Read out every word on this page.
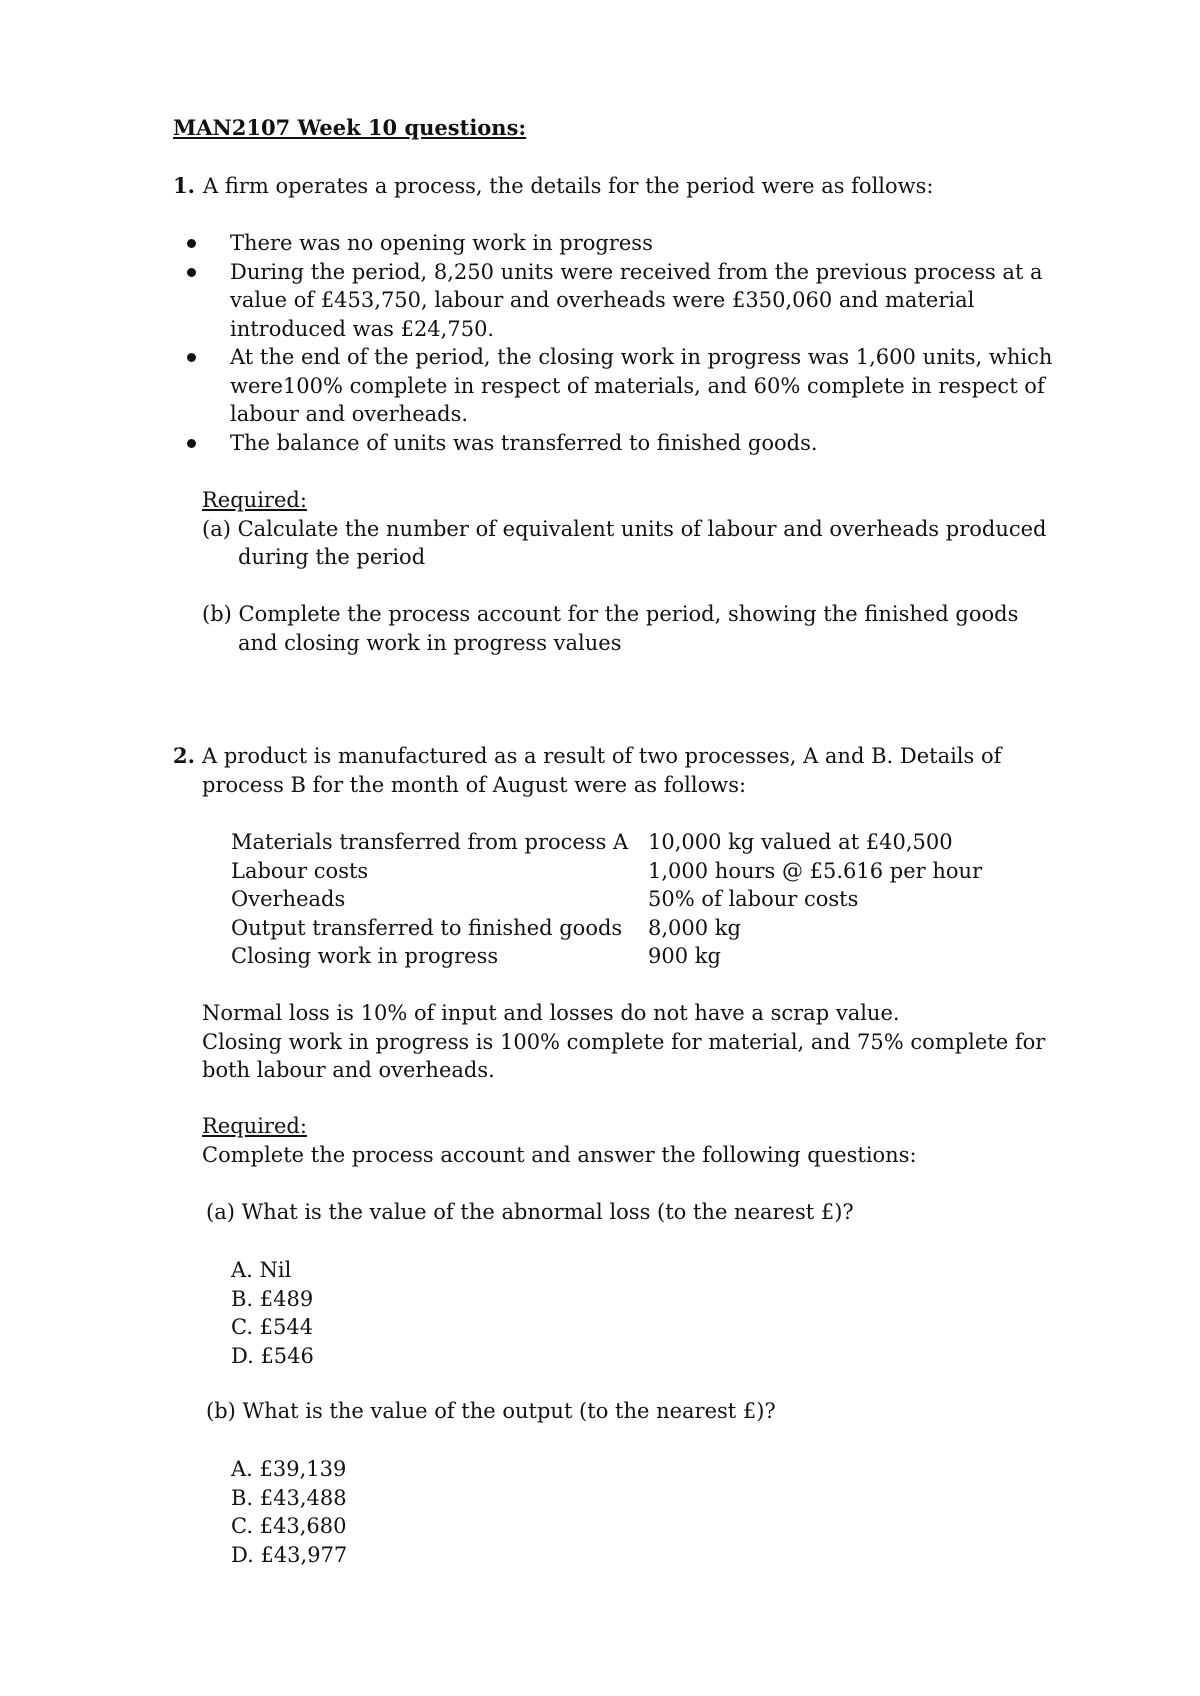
MAN2107 Week 10 questions:
1. A firm operates a process, the details for the period were as follows:
There was no opening work in progress
During the period, 8,250 units were received from the previous process at a
value of £453,750, labour and overheads were £350,060 and material
introduced was £24,750.
At the end of the period, the closing work in progress was 1,600 units, which
were100% complete in respect of materials, and 60% complete in respect of
labour and overheads.
The balance of units was transferred to finished goods.
Required:
(a) Calculate the number of equivalent units of labour and overheads produced
during the period
(b) Complete the process account for the period, showing the finished goods
and closing work in progress values
2. A product is manufactured as a result of two processes, A and B. Details of
process B for the month of August were as follows:
Materials transferred from process A	10,000 kg valued at £40,500
Labour costs	1,000 hours @ £5.616 per hour
Overheads	50% of labour costs
Output transferred to finished goods	8,000 kg
Closing work in progress	900 kg
Normal loss is 10% of input and losses do not have a scrap value.
Closing work in progress is 100% complete for material, and 75% complete for
both labour and overheads.
Required:
Complete the process account and answer the following questions:
(a) What is the value of the abnormal loss (to the nearest £)?
A. Nil
B. £489
C. £544
D. £546
(b) What is the value of the output (to the nearest £)?
A. £39,139
B. £43,488
C. £43,680
D. £43,977
